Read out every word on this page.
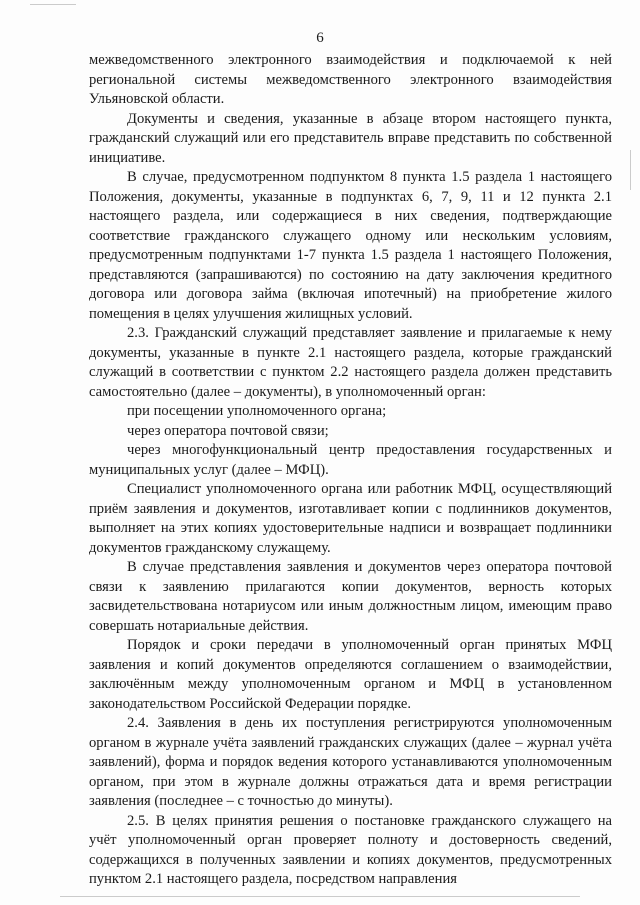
6

межведомственного электронного взаимодействия и подключаемой к ней региональной системы межведомственного электронного взаимодействия Ульяновской области.

Документы и сведения, указанные в абзаце втором настоящего пункта, гражданский служащий или его представитель вправе представить по собственной инициативе.

В случае, предусмотренном подпунктом 8 пункта 1.5 раздела 1 настоящего Положения, документы, указанные в подпунктах 6, 7, 9, 11 и 12 пункта 2.1 настоящего раздела, или содержащиеся в них сведения, подтверждающие соответствие гражданского служащего одному или нескольким условиям, предусмотренным подпунктами 1-7 пункта 1.5 раздела 1 настоящего Положения, представляются (запрашиваются) по состоянию на дату заключения кредитного договора или договора займа (включая ипотечный) на приобретение жилого помещения в целях улучшения жилищных условий.

2.3. Гражданский служащий представляет заявление и прилагаемые к нему документы, указанные в пункте 2.1 настоящего раздела, которые гражданский служащий в соответствии с пунктом 2.2 настоящего раздела должен представить самостоятельно (далее – документы), в уполномоченный орган:

при посещении уполномоченного органа;

через оператора почтовой связи;

через многофункциональный центр предоставления государственных и муниципальных услуг (далее – МФЦ).

Специалист уполномоченного органа или работник МФЦ, осуществляющий приём заявления и документов, изготавливает копии с подлинников документов, выполняет на этих копиях удостоверительные надписи и возвращает подлинники документов гражданскому служащему.

В случае представления заявления и документов через оператора почтовой связи к заявлению прилагаются копии документов, верность которых засвидетельствована нотариусом или иным должностным лицом, имеющим право совершать нотариальные действия.

Порядок и сроки передачи в уполномоченный орган принятых МФЦ заявления и копий документов определяются соглашением о взаимодействии, заключённым между уполномоченным органом и МФЦ в установленном законодательством Российской Федерации порядке.

2.4. Заявления в день их поступления регистрируются уполномоченным органом в журнале учёта заявлений гражданских служащих (далее – журнал учёта заявлений), форма и порядок ведения которого устанавливаются уполномоченным органом, при этом в журнале должны отражаться дата и время регистрации заявления (последнее – с точностью до минуты).

2.5. В целях принятия решения о постановке гражданского служащего на учёт уполномоченный орган проверяет полноту и достоверность сведений, содержащихся в полученных заявлении и копиях документов, предусмотренных пунктом 2.1 настоящего раздела, посредством направления
